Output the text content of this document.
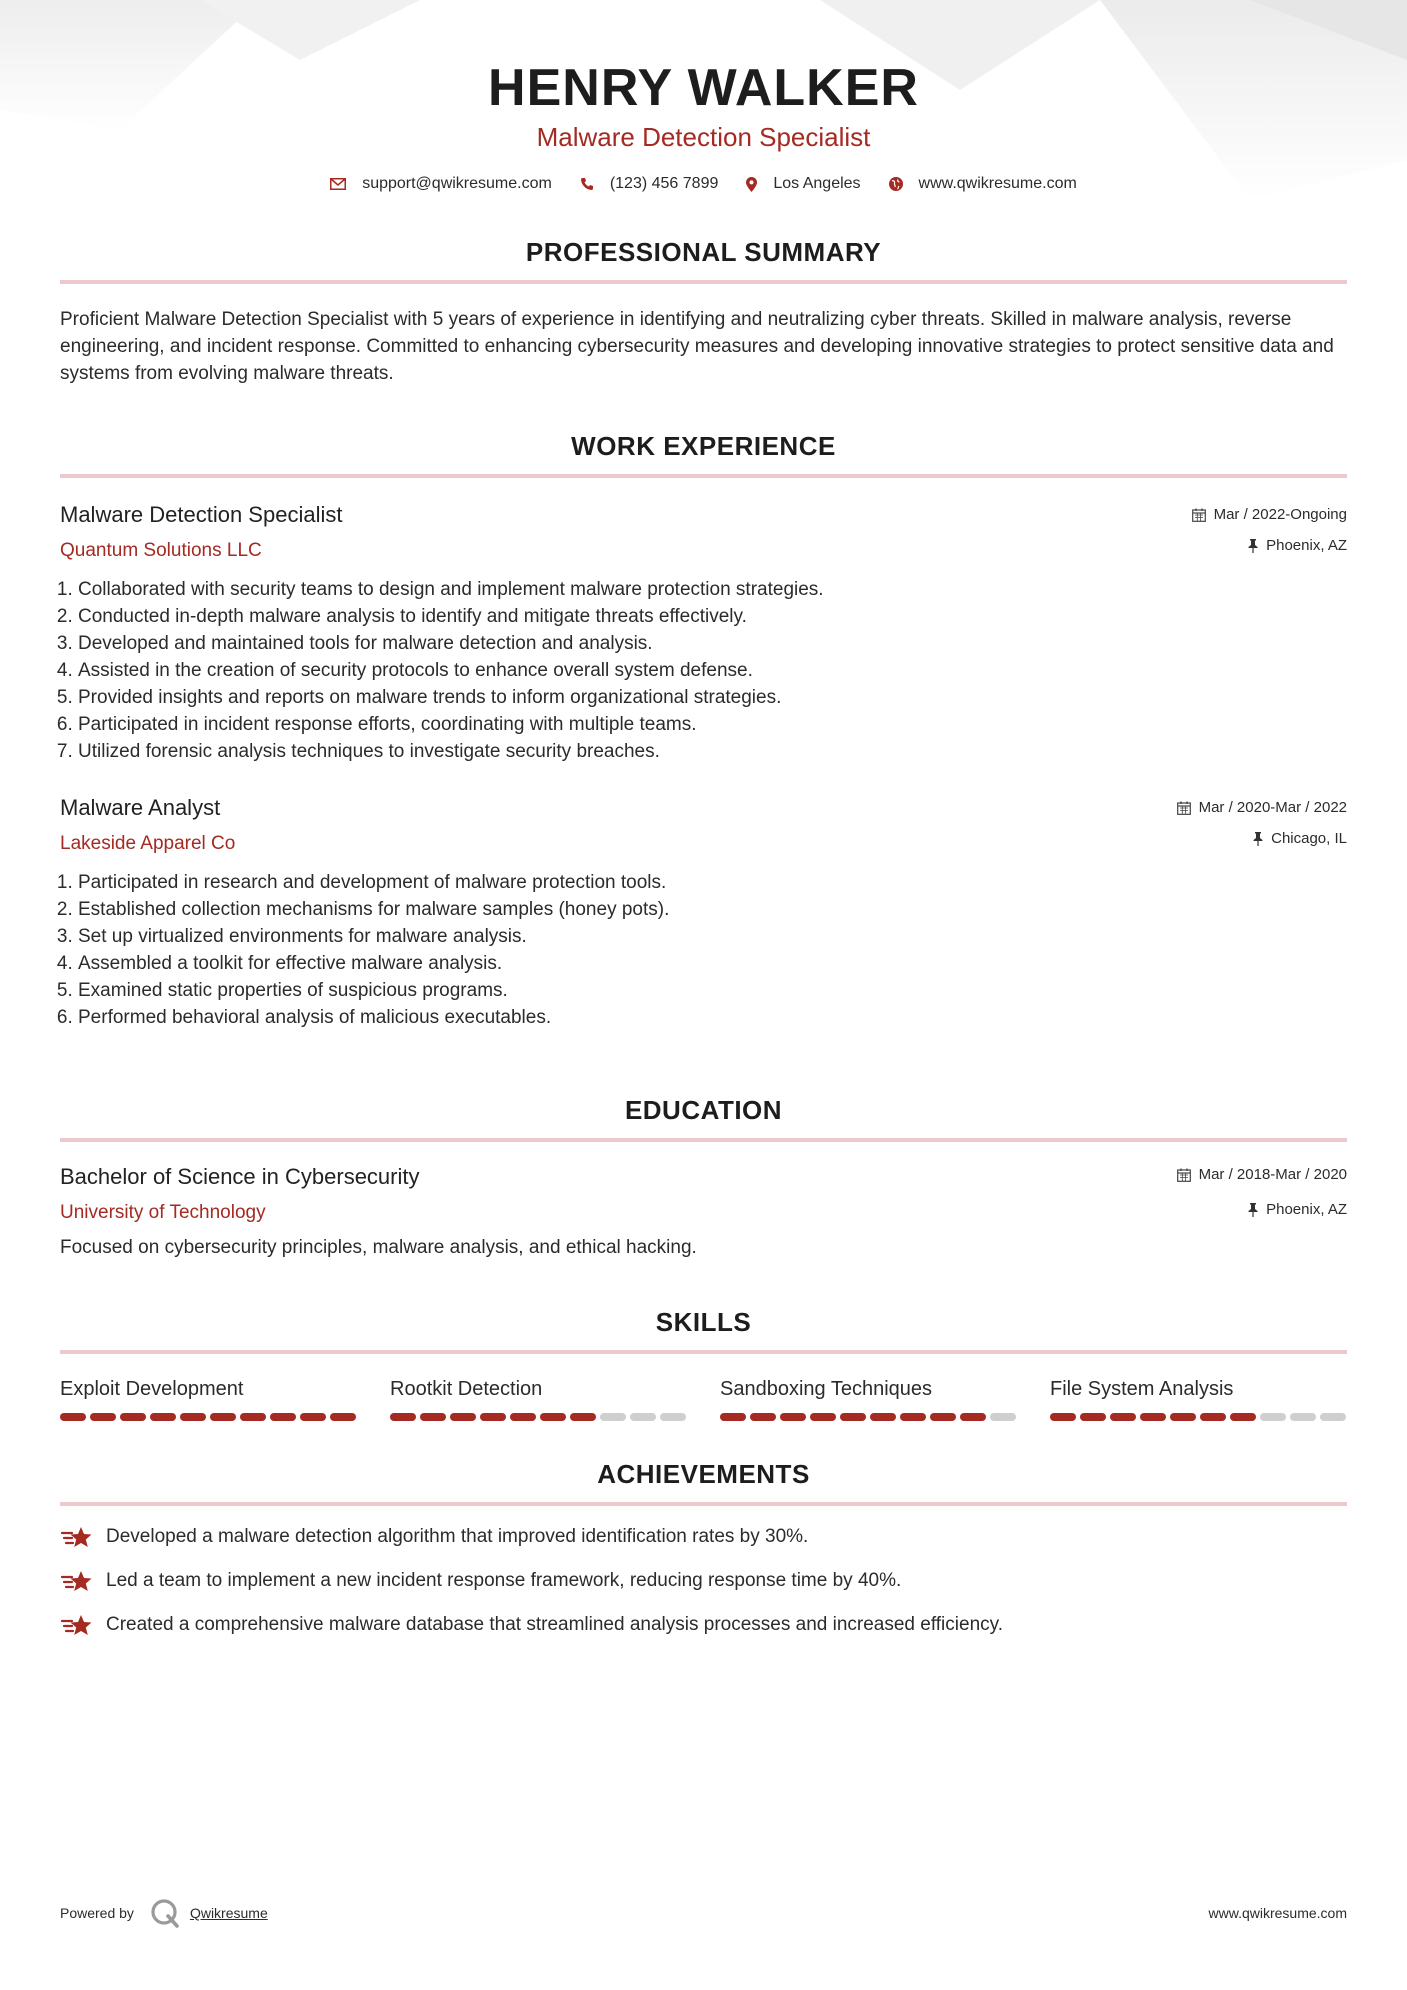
HENRY WALKER
Malware Detection Specialist
support@qwikresume.com	(123) 456 7899	Los Angeles	www.qwikresume.com
PROFESSIONAL SUMMARY
Proficient Malware Detection Specialist with 5 years of experience in identifying and neutralizing cyber threats. Skilled in malware analysis, reverse engineering, and incident response. Committed to enhancing cybersecurity measures and developing innovative strategies to protect sensitive data and systems from evolving malware threats.
WORK EXPERIENCE
Malware Detection Specialist
Quantum Solutions LLC
Mar / 2022-Ongoing
Phoenix, AZ
1. Collaborated with security teams to design and implement malware protection strategies.
2. Conducted in-depth malware analysis to identify and mitigate threats effectively.
3. Developed and maintained tools for malware detection and analysis.
4. Assisted in the creation of security protocols to enhance overall system defense.
5. Provided insights and reports on malware trends to inform organizational strategies.
6. Participated in incident response efforts, coordinating with multiple teams.
7. Utilized forensic analysis techniques to investigate security breaches.
Malware Analyst
Lakeside Apparel Co
Mar / 2020-Mar / 2022
Chicago, IL
1. Participated in research and development of malware protection tools.
2. Established collection mechanisms for malware samples (honey pots).
3. Set up virtualized environments for malware analysis.
4. Assembled a toolkit for effective malware analysis.
5. Examined static properties of suspicious programs.
6. Performed behavioral analysis of malicious executables.
EDUCATION
Bachelor of Science in Cybersecurity
University of Technology
Mar / 2018-Mar / 2020
Phoenix, AZ
Focused on cybersecurity principles, malware analysis, and ethical hacking.
SKILLS
Exploit Development	Rootkit Detection	Sandboxing Techniques	File System Analysis
ACHIEVEMENTS
Developed a malware detection algorithm that improved identification rates by 30%.
Led a team to implement a new incident response framework, reducing response time by 40%.
Created a comprehensive malware database that streamlined analysis processes and increased efficiency.
Powered by	Qwikresume	www.qwikresume.com
